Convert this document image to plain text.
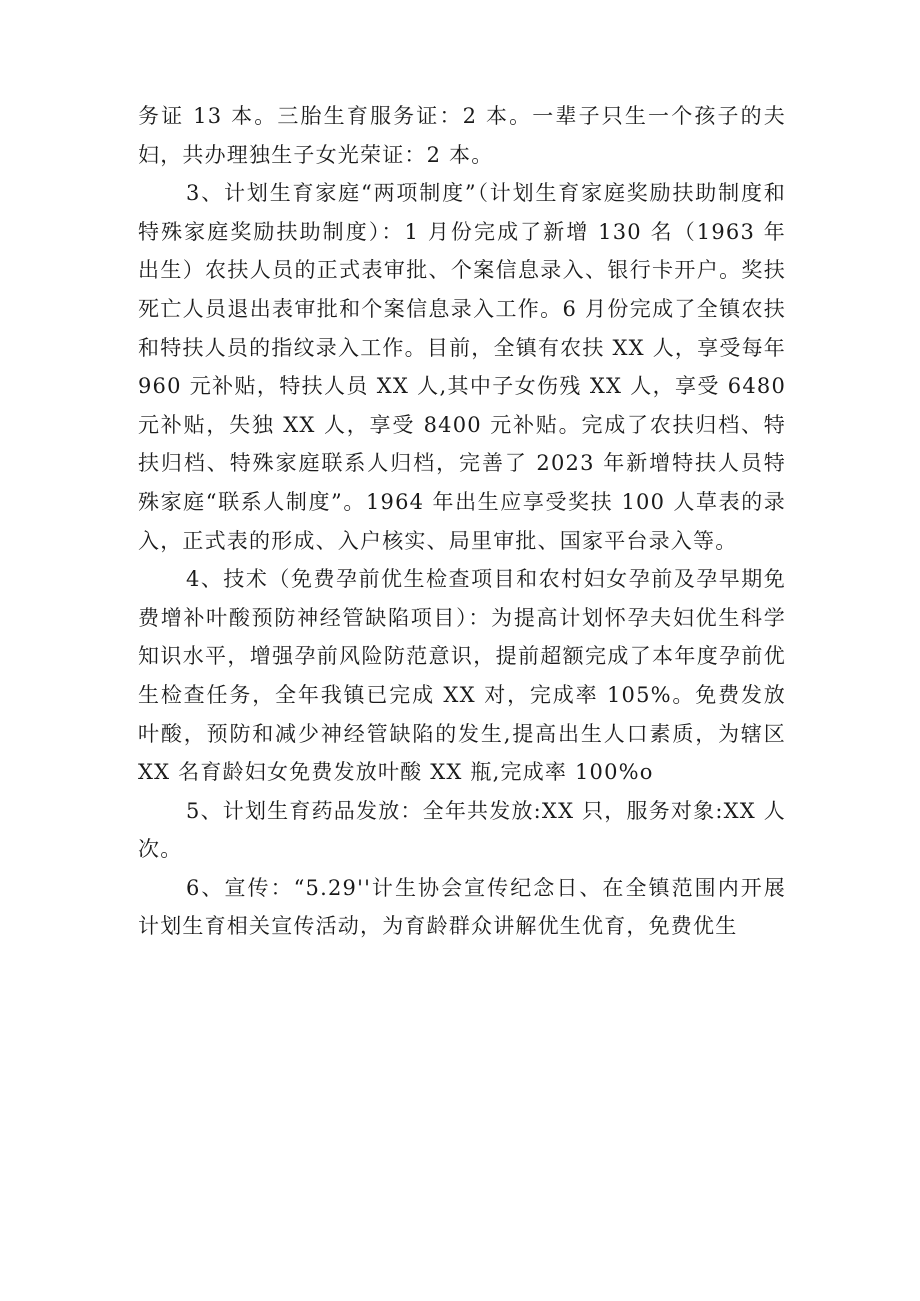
务证 13 本。三胎生育服务证：2 本。一辈子只生一个孩子的夫妇，共办理独生子女光荣证：2 本。

3、计划生育家庭“两项制度”（计划生育家庭奖励扶助制度和特殊家庭奖励扶助制度）：1 月份完成了新增 130 名（1963 年出生）农扶人员的正式表审批、个案信息录入、银行卡开户。奖扶死亡人员退出表审批和个案信息录入工作。6 月份完成了全镇农扶和特扶人员的指纹录入工作。目前，全镇有农扶 XX 人，享受每年 960 元补贴，特扶人员 XX 人,其中子女伤残 XX 人，享受 6480 元补贴，失独 XX 人，享受 8400 元补贴。完成了农扶归档、特扶归档、特殊家庭联系人归档，完善了 2023 年新增特扶人员特殊家庭“联系人制度”。1964 年出生应享受奖扶 100 人草表的录入，正式表的形成、入户核实、局里审批、国家平台录入等。

4、技术（免费孕前优生检查项目和农村妇女孕前及孕早期免费增补叶酸预防神经管缺陷项目）：为提高计划怀孕夫妇优生科学知识水平，增强孕前风险防范意识，提前超额完成了本年度孕前优生检查任务，全年我镇已完成 XX 对，完成率 105%。免费发放叶酸，预防和减少神经管缺陷的发生,提高出生人口素质，为辖区 XX 名育龄妇女免费发放叶酸 XX 瓶,完成率 100%o

5、计划生育药品发放：全年共发放:XX 只，服务对象:XX 人次。

6、宣传：“5.29''计生协会宣传纪念日、在全镇范围内开展计划生育相关宣传活动，为育龄群众讲解优生优育，免费优生
